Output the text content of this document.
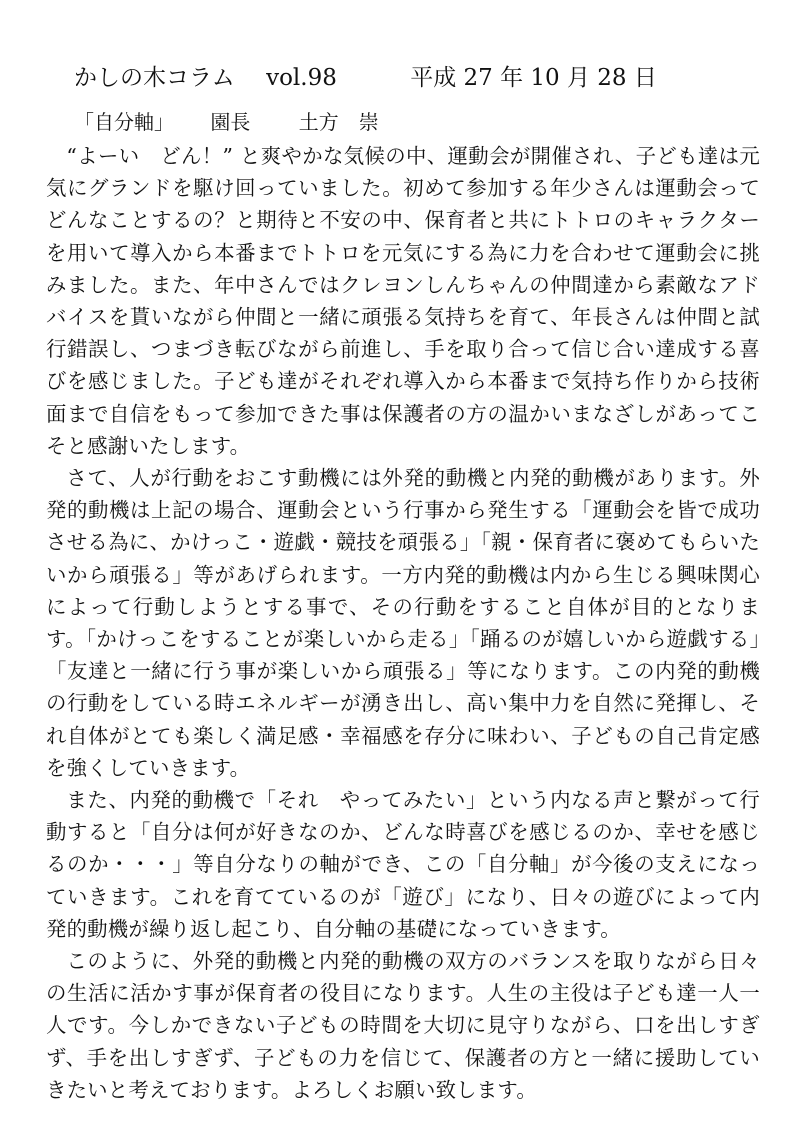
かしの木コラム vol.98	平成 27 年 10 月 28 日
「自分軸」 園長 土方　崇

“よーい　どん！” と爽やかな気候の中、運動会が開催され、子ども達は元気にグランドを駆け回っていました。初めて参加する年少さんは運動会ってどんなことするの？と期待と不安の中、保育者と共にトトロのキャラクターを用いて導入から本番までトトロを元気にする為に力を合わせて運動会に挑みました。また、年中さんではクレヨンしんちゃんの仲間達から素敵なアドバイスを貰いながら仲間と一緒に頑張る気持ちを育て、年長さんは仲間と試行錯誤し、つまづき転びながら前進し、手を取り合って信じ合い達成する喜びを感じました。子ども達がそれぞれ導入から本番まで気持ち作りから技術面まで自信をもって参加できた事は保護者の方の温かいまなざしがあってこそと感謝いたします。

さて、人が行動をおこす動機には外発的動機と内発的動機があります。外発的動機は上記の場合、運動会という行事から発生する「運動会を皆で成功させる為に、かけっこ・遊戯・競技を頑張る」「親・保育者に褒めてもらいたいから頑張る」等があげられます。一方内発的動機は内から生じる興味関心によって行動しようとする事で、その行動をすること自体が目的となります。「かけっこをすることが楽しいから走る」「踊るのが嬉しいから遊戯する」「友達と一緒に行う事が楽しいから頑張る」等になります。この内発的動機の行動をしている時エネルギーが湧き出し、高い集中力を自然に発揮し、それ自体がとても楽しく満足感・幸福感を存分に味わい、子どもの自己肯定感を強くしていきます。

また、内発的動機で「それ　やってみたい」という内なる声と繋がって行動すると「自分は何が好きなのか、どんな時喜びを感じるのか、幸せを感じるのか・・・」等自分なりの軸ができ、この「自分軸」が今後の支えになっていきます。これを育てているのが「遊び」になり、日々の遊びによって内発的動機が繰り返し起こり、自分軸の基礎になっていきます。

このように、外発的動機と内発的動機の双方のバランスを取りながら日々の生活に活かす事が保育者の役目になります。人生の主役は子ども達一人一人です。今しかできない子どもの時間を大切に見守りながら、口を出しすぎず、手を出しすぎず、子どもの力を信じて、保護者の方と一緒に援助していきたいと考えております。よろしくお願い致します。
